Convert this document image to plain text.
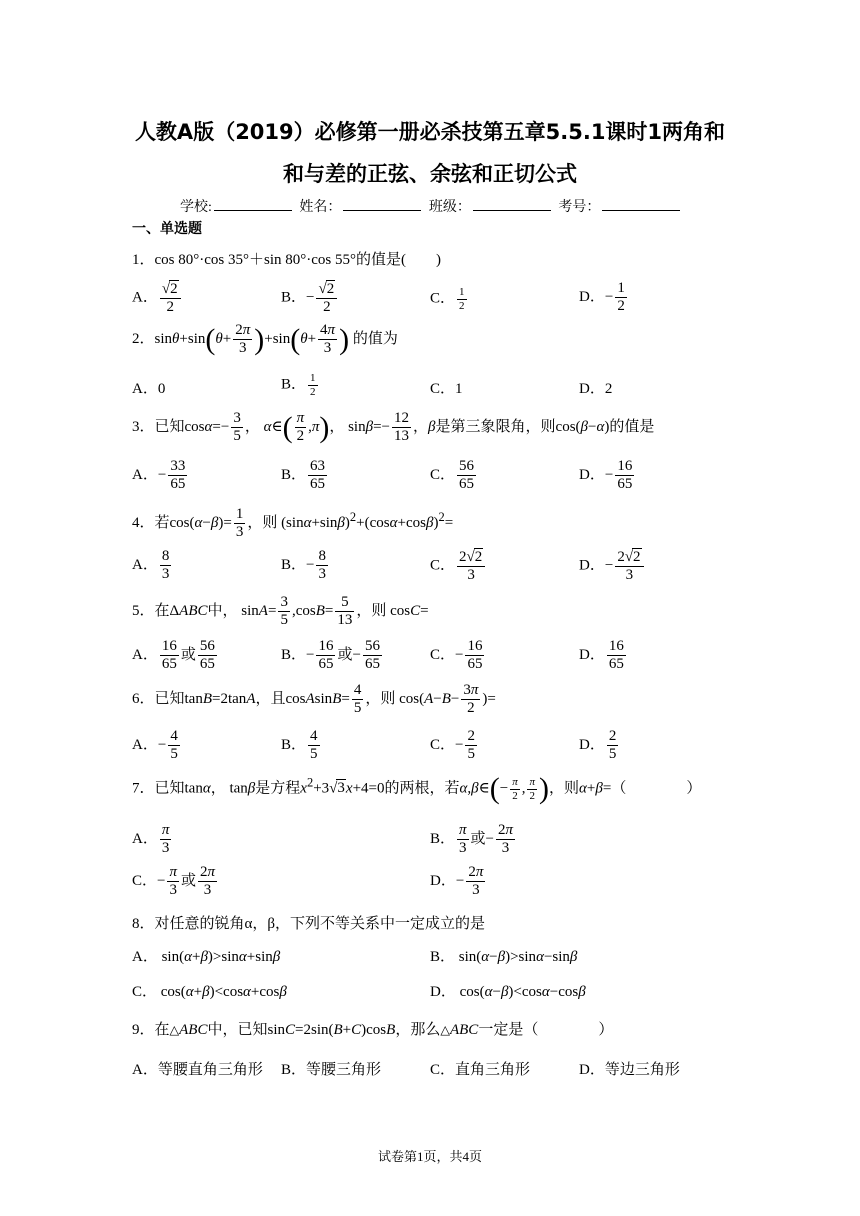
人教A版（2019）必修第一册必杀技第五章5.5.1课时1两角和
和与差的正弦、余弦和正切公式
学校:	姓名：	班级：	考号：
一、单选题
1．cos 80°·cos 35°＋sin 80°·cos 55°的值是(　　)
A． $\frac{√2}{2}$	B．− $\frac{√2}{2}$	C． $\frac{1}{2}$	D．− $\frac{1}{2}$
2．$\sin\theta+\sin(\theta+ \frac{2\pi}{3} )+\sin(\theta+ \frac{4\pi}{3}$ ) 的值为
A．0	B． $\frac{1}{2}$	C．1	D．2
3．已知$\cos\alpha=- \frac{3}{5}$ ， α∈( $\frac{\pi}{2} ,\pi$)， $\sin\beta=- \frac{12}{13}$ ，β是第三象限角，则cos(β−α)的值是
A．− $\frac{33}{65}$	B． $\frac{63}{65}$	C． $\frac{56}{65}$	D．− $\frac{16}{65}$
4．若$\cos(\alpha-\beta)= \frac{1}{3}$ ，则 $(\sin\alpha+\sin\beta)^2+(\cos\alpha+\cos\beta)^2=$
A． $\frac{8}{3}$	B．− $\frac{8}{3}$	C． $\frac{2√2}{3}$	D．− $\frac{2√2}{3}$
5．在ΔABC中， $\sin A= \frac{3}{5} ,\cos B= \frac{5}{13}$ ，则 cosC=
A． $\frac{16}{65}$ 或 $\frac{56}{65}$	B．− $\frac{16}{65}$ 或− $\frac{56}{65}$	C．− $\frac{16}{65}$	D． $\frac{16}{65}$
6．已知tanB=2tanA，且cosAsinB= $\frac{4}{5}$ ，则 $\cos(A-B- \frac{3\pi}{2}$ )=
A．− $\frac{4}{5}$	B． $\frac{4}{5}$	C．− $\frac{2}{5}$	D． $\frac{2}{5}$
7．已知tanα， tanβ是方程$x^2+3√3x+4=0$的两根，若α,β∈(− $\frac{\pi}{2}$ , $\frac{\pi}{2}$ )，则α+β=（　　　　）
A． $\frac{\pi}{3}$	B． $\frac{\pi}{3}$ 或− $\frac{2\pi}{3}$
C．− $\frac{\pi}{3}$ 或 $\frac{2\pi}{3}$	D．− $\frac{2\pi}{3}$
8．对任意的锐角α，β，下列不等关系中一定成立的是
A． sin(α+β)>sinα+sinβ	B． sin(α−β)>sinα−sinβ
C． cos(α+β)<cosα+cosβ	D． cos(α−β)<cosα−cosβ
9．在△ABC中，已知sinC=2sin(B+C)cosB，那么△ABC一定是（　　　　）
A．等腰直角三角形 B．等腰三角形	C．直角三角形	D．等边三角形
试卷第1页，共4页
